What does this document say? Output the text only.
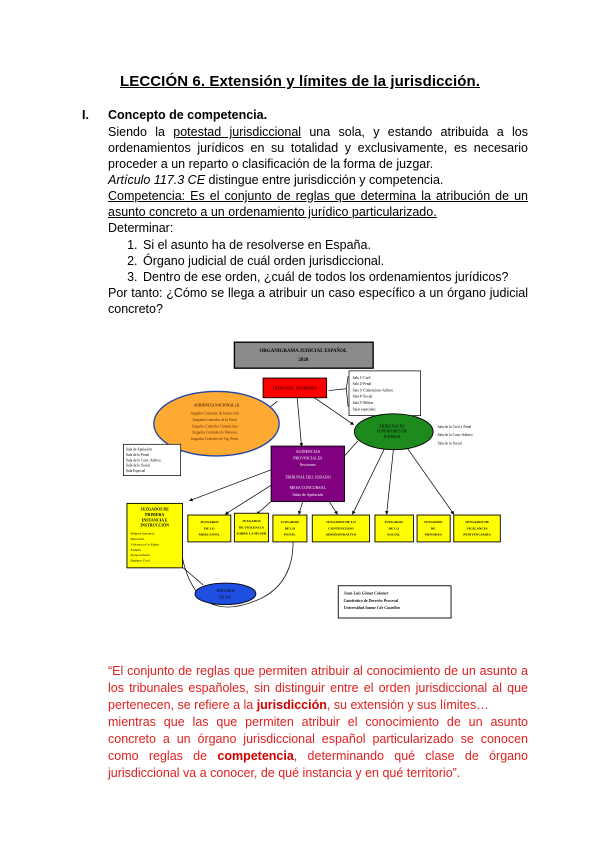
LECCIÓN 6. Extensión y límites de la jurisdicción.
I. Concepto de competencia.
Siendo la potestad jurisdiccional una sola, y estando atribuida a los ordenamientos jurídicos en su totalidad y exclusivamente, es necesario proceder a un reparto o clasificación de la forma de juzgar.
Artículo 117.3 CE distingue entre jurisdicción y competencia.
Competencia: Es el conjunto de reglas que determina la atribución de un asunto concreto a un ordenamiento jurídico particularizado.
Determinar:
1. Si el asunto ha de resolverse en España.
2. Órgano judicial de cuál orden jurisdiccional.
3. Dentro de ese orden, ¿cuál de todos los ordenamientos jurídicos?
Por tanto: ¿Cómo se llega a atribuir un caso específico a un órgano judicial concreto?
ORGANIGRAMA JUDICIAL ESPAÑOL
2020
TRIBUNAL SUPREMO
Sala 1ª Civil
Sala 2ª Penal
Sala 3ª Contencioso-Admvo.
Sala 4ª Social
Sala 5ª Militar
Salas especiales
AUDIENCIA NACIONAL (1)
Juzgados Centrales de Instrucción
Juzgados Centrales de lo Penal
Juzgados Centrales Contencioso
Juzgados Centrales de Menores
Juzgados Centrales de Vig. Penit.
Sala de Apelación
Sala de lo Penal
Sala de lo Cont.-Admvo.
Sala de lo Social
Sala Especial
TRIBUNALES
SUPERIORES DE
JUSTICIA
Sala de lo Civil y Penal
Sala de lo Cont.-Admvo.
Sala de lo Social
AUDIENCIAS
PROVINCIALES
Secciones
TRIBUNAL DEL JURADO
MESA CONCURSAL
Salas de Apelación
JUZGADOS DE
PRIMERA
INSTANCIA E
INSTRUCCIÓN
Primera Instancia
Mercantil
Violencia s/ la Mujer
Familia
Incapacidades
Registro Civil
JUZGADOS
DE LO
MERCANTIL
JUZGADOS
DE VIOLENCIA
SOBRE LA MUJER
JUZGADOS
DE LO
PENAL
JUZGADOS DE LO
CONTENCIOSO
ADMINISTRATIVO
JUZGADOS
DE LO
SOCIAL
JUZGADOS
DE
MENORES
JUZGADOS
DE PAZ
Juan-Luis Gómez Colomer
Catedrático de Derecho Procesal
Universidad Jaume I de Castellón
JUZGADOS DE
VIGILANCIA
PENITENCIARIA
“El conjunto de reglas que permiten atribuir al conocimiento de un asunto a los tribunales españoles, sin distinguir entre el orden jurisdiccional al que pertenecen, se refiere a la jurisdicción, su extensión y sus límites…
mientras que las que permiten atribuir el conocimiento de un asunto concreto a un órgano jurisdiccional español particularizado se conocen como reglas de competencia, determinando qué clase de órgano jurisdiccional va a conocer, de qué instancia y en qué territorio”.
